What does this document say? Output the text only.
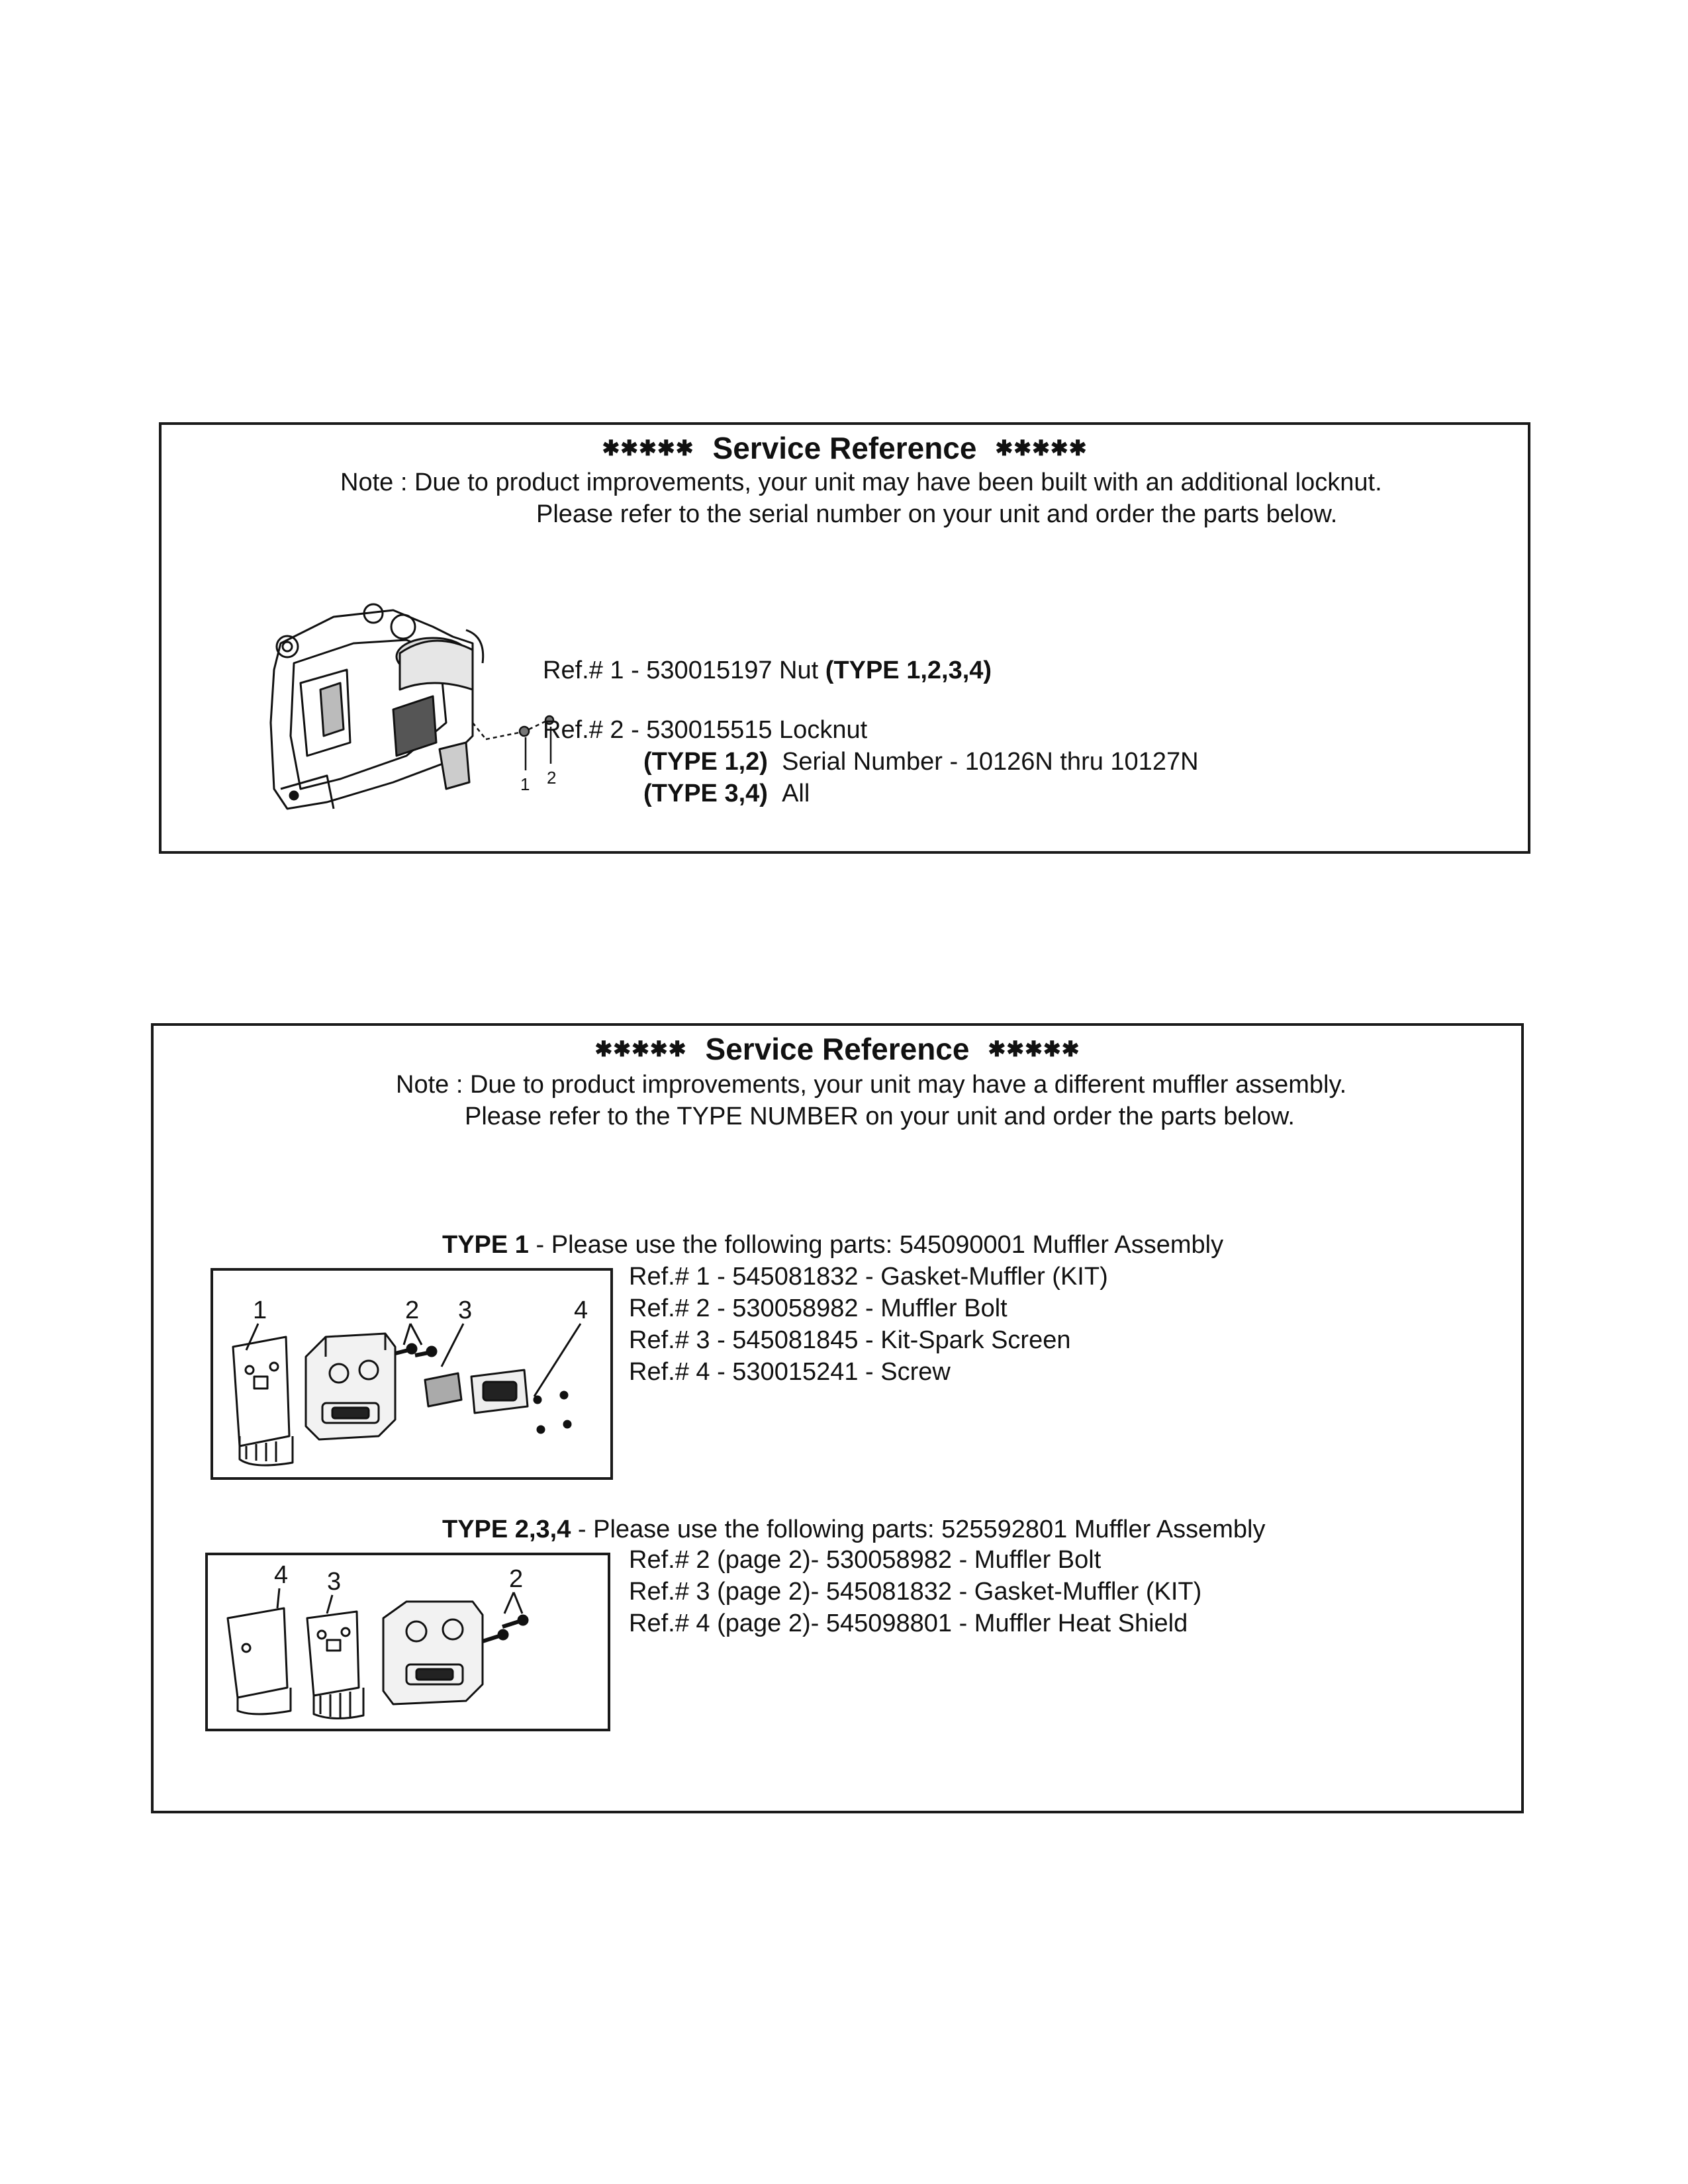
✱✱✱✱✱ Service Reference ✱✱✱✱✱
Note : Due to product improvements, your unit may have been built with an additional locknut.
Please refer to the serial number on your unit and order the parts below.
1 2
Ref.# 1 - 530015197 Nut (TYPE 1,2,3,4)
Ref.# 2 - 530015515 Locknut
(TYPE 1,2) Serial Number - 10126N thru 10127N
(TYPE 3,4) All
✱✱✱✱✱ Service Reference ✱✱✱✱✱
Note : Due to product improvements, your unit may have a different muffler assembly.
Please refer to the TYPE NUMBER on your unit and order the parts below.
TYPE 1 - Please use the following parts: 545090001 Muffler Assembly
1	2 3	4
Ref.# 1 - 545081832 - Gasket-Muffler (KIT)
Ref.# 2 - 530058982 - Muffler Bolt
Ref.# 3 - 545081845 - Kit-Spark Screen
Ref.# 4 - 530015241 - Screw
TYPE 2,3,4 - Please use the following parts: 525592801 Muffler Assembly
4 3	2
Ref.# 2 (page 2)- 530058982 - Muffler Bolt
Ref.# 3 (page 2)- 545081832 - Gasket-Muffler (KIT)
Ref.# 4 (page 2)- 545098801 - Muffler Heat Shield
